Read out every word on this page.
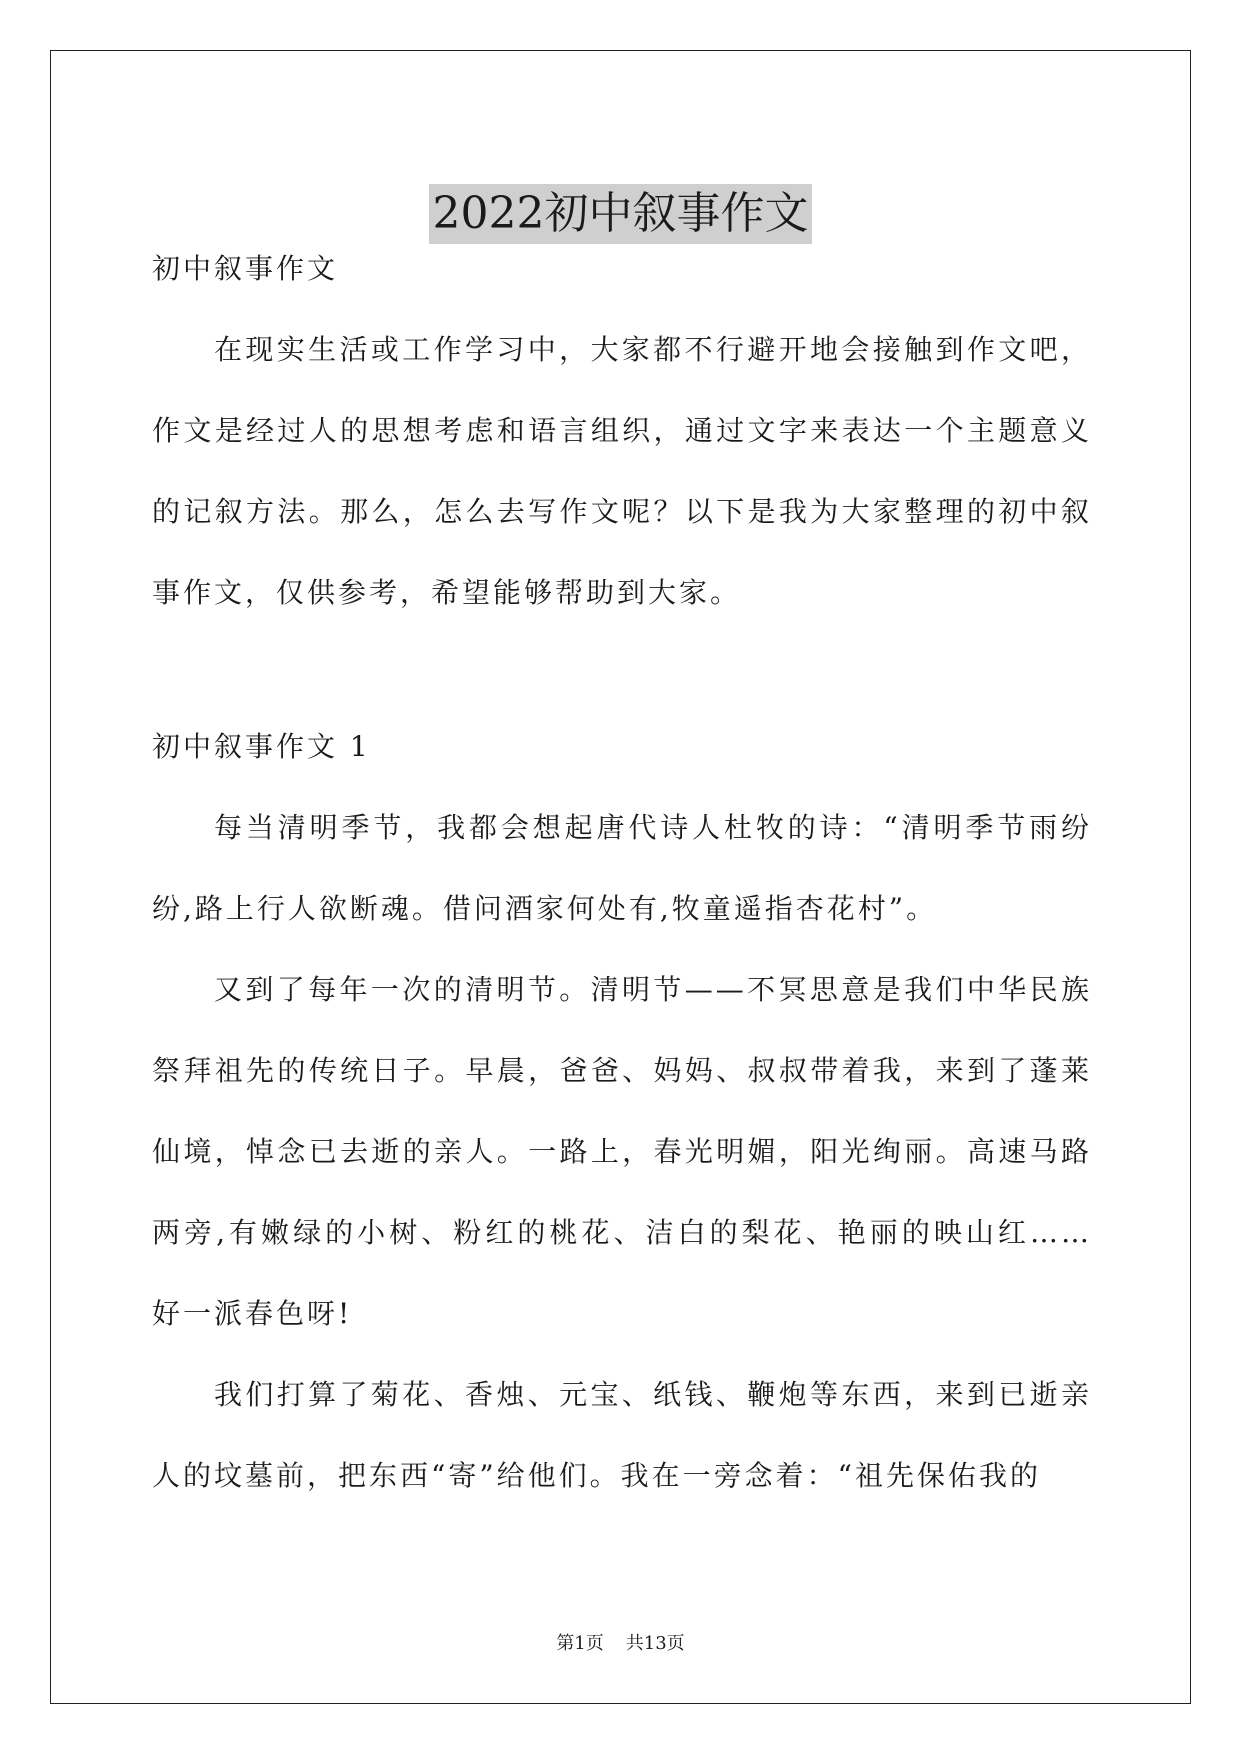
2022初中叙事作文

初中叙事作文

在现实生活或工作学习中，大家都不行避开地会接触到作文吧，作文是经过人的思想考虑和语言组织，通过文字来表达一个主题意义的记叙方法。那么，怎么去写作文呢？以下是我为大家整理的初中叙事作文，仅供参考，希望能够帮助到大家。

初中叙事作文 1

每当清明季节，我都会想起唐代诗人杜牧的诗：“清明季节雨纷纷,路上行人欲断魂。借问酒家何处有,牧童遥指杏花村”。

又到了每年一次的清明节。清明节——不冥思意是我们中华民族祭拜祖先的传统日子。早晨，爸爸、妈妈、叔叔带着我，来到了蓬莱仙境，悼念已去逝的亲人。一路上，春光明媚，阳光绚丽。高速马路两旁,有嫩绿的小树、粉红的桃花、洁白的梨花、艳丽的映山红……好一派春色呀!

我们打算了菊花、香烛、元宝、纸钱、鞭炮等东西，来到已逝亲人的坟墓前，把东西“寄”给他们。我在一旁念着：“祖先保佑我的

第1页 共13页
